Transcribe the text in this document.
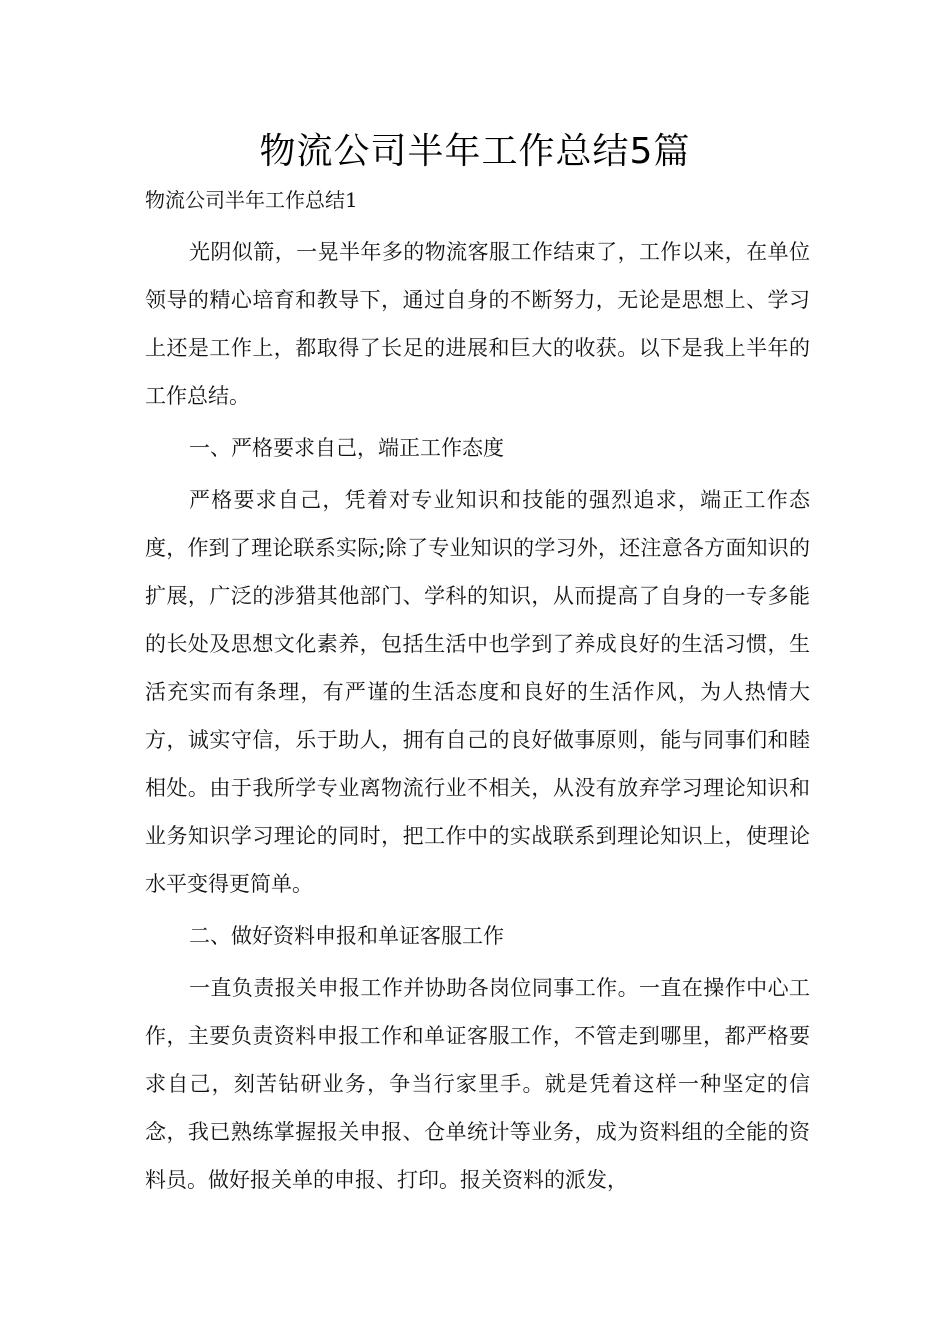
物流公司半年工作总结5篇

物流公司半年工作总结1

光阴似箭，一晃半年多的物流客服工作结束了，工作以来，在单位领导的精心培育和教导下，通过自身的不断努力，无论是思想上、学习上还是工作上，都取得了长足的进展和巨大的收获。以下是我上半年的工作总结。

一、严格要求自己，端正工作态度

严格要求自己，凭着对专业知识和技能的强烈追求，端正工作态度，作到了理论联系实际;除了专业知识的学习外，还注意各方面知识的扩展，广泛的涉猎其他部门、学科的知识，从而提高了自身的一专多能的长处及思想文化素养，包括生活中也学到了养成良好的生活习惯，生活充实而有条理，有严谨的生活态度和良好的生活作风，为人热情大方，诚实守信，乐于助人，拥有自己的良好做事原则，能与同事们和睦相处。由于我所学专业离物流行业不相关，从没有放弃学习理论知识和业务知识学习理论的同时，把工作中的实战联系到理论知识上，使理论水平变得更简单。

二、做好资料申报和单证客服工作

一直负责报关申报工作并协助各岗位同事工作。一直在操作中心工作，主要负责资料申报工作和单证客服工作，不管走到哪里，都严格要求自己，刻苦钻研业务，争当行家里手。就是凭着这样一种坚定的信念，我已熟练掌握报关申报、仓单统计等业务，成为资料组的全能的资料员。做好报关单的申报、打印。报关资料的派发，
